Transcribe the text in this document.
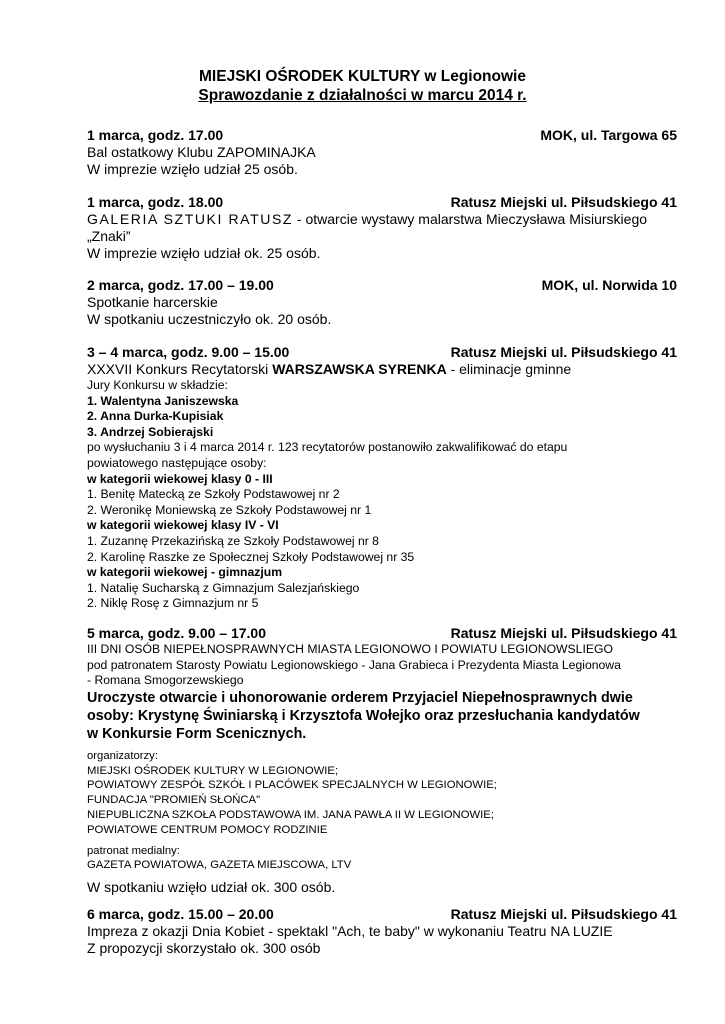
MIEJSKI OŚRODEK KULTURY w Legionowie
Sprawozdanie z działalności w marcu 2014 r.
1 marca, godz. 17.00	MOK, ul. Targowa 65
Bal ostatkowy Klubu ZAPOMINAJKA
W imprezie wzięło udział 25 osób.
1 marca, godz. 18.00	Ratusz Miejski ul. Piłsudskiego 41
GALERIA SZTUKI RATUSZ - otwarcie wystawy malarstwa Mieczysława Misiurskiego
„Znaki”
W imprezie wzięło udział ok. 25 osób.
2 marca, godz. 17.00 – 19.00	MOK, ul. Norwida 10
Spotkanie harcerskie
W spotkaniu uczestniczyło ok. 20 osób.
3 – 4 marca, godz. 9.00 – 15.00	Ratusz Miejski ul. Piłsudskiego 41
XXXVII Konkurs Recytatorski WARSZAWSKA SYRENKA - eliminacje gminne
Jury Konkursu w składzie:
1. Walentyna Janiszewska
2. Anna Durka-Kupisiak
3. Andrzej Sobierajski
po wysłuchaniu 3 i 4 marca 2014 r. 123 recytatorów postanowiło zakwalifikować do etapu
powiatowego następujące osoby:
w kategorii wiekowej klasy 0 - III
1. Benitę Matecką ze Szkoły Podstawowej nr 2
2. Weronikę Moniewską ze Szkoły Podstawowej nr 1
w kategorii wiekowej klasy IV - VI
1. Zuzannę Przekazińską ze Szkoły Podstawowej nr 8
2. Karolinę Raszke ze Społecznej Szkoły Podstawowej nr 35
w kategorii wiekowej - gimnazjum
1. Natalię Sucharską z Gimnazjum Salezjańskiego
2. Niklę Rosę z Gimnazjum nr 5
5 marca, godz. 9.00 – 17.00	Ratusz Miejski ul. Piłsudskiego 41
III DNI OSÓB NIEPEŁNOSPRAWNYCH MIASTA LEGIONOWO I POWIATU LEGIONOWSLIEGO
pod patronatem Starosty Powiatu Legionowskiego - Jana Grabieca i Prezydenta Miasta Legionowa
- Romana Smogorzewskiego
Uroczyste otwarcie i uhonorowanie orderem Przyjaciel Niepełnosprawnych dwie
osoby: Krystynę Świniarską i Krzysztofa Wołejko oraz przesłuchania kandydatów
w Konkursie Form Scenicznych.
organizatorzy:
MIEJSKI OŚRODEK KULTURY W LEGIONOWIE;
POWIATOWY ZESPÓŁ SZKÓŁ I PLACÓWEK SPECJALNYCH W LEGIONOWIE;
FUNDACJA "PROMIEŃ SŁOŃCA"
NIEPUBLICZNA SZKOŁA PODSTAWOWA IM. JANA PAWŁA II W LEGIONOWIE;
POWIATOWE CENTRUM POMOCY RODZINIE
patronat medialny:
GAZETA POWIATOWA, GAZETA MIEJSCOWA, LTV
W spotkaniu wzięło udział ok. 300 osób.
6 marca, godz. 15.00 – 20.00	Ratusz Miejski ul. Piłsudskiego 41
Impreza z okazji Dnia Kobiet - spektakl "Ach, te baby" w wykonaniu Teatru NA LUZIE
Z propozycji skorzystało ok. 300 osób
